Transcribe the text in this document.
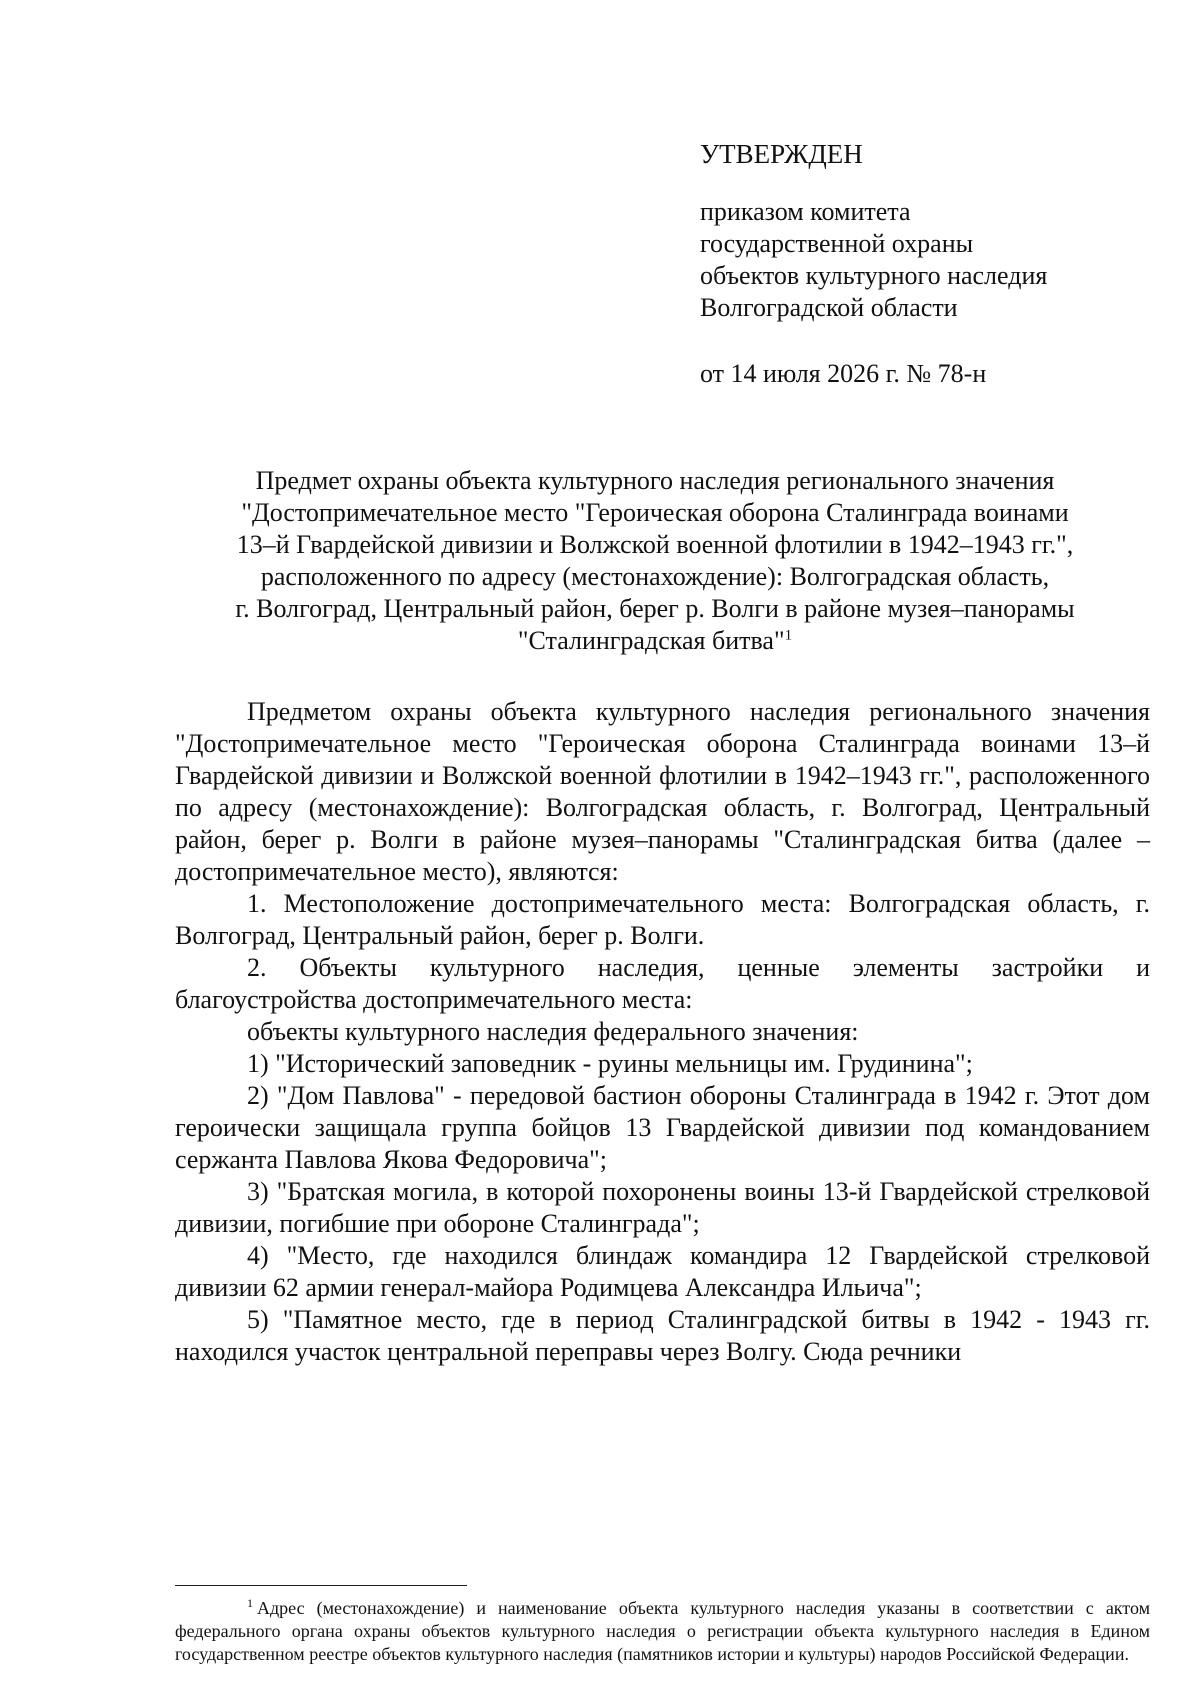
УТВЕРЖДЕН

приказом комитета

государственной охраны

объектов культурного наследия

Волгоградской области

от 14 июля 2026 г. № 78-н

Предмет охраны объекта культурного наследия регионального значения

"Достопримечательное место "Героическая оборона Сталинграда воинами

13–й Гвардейской дивизии и Волжской военной флотилии в 1942–1943 гг.",

расположенного по адресу (местонахождение): Волгоградская область,

г. Волгоград, Центральный район, берег р. Волги в районе музея–панорамы

"Сталинградская битва"$^1$

Предметом охраны объекта культурного наследия регионального значения "Достопримечательное место "Героическая оборона Сталинграда воинами 13–й Гвардейской дивизии и Волжской военной флотилии в 1942–1943 гг.", расположенного по адресу (местонахождение): Волгоградская область, г. Волгоград, Центральный район, берег р. Волги в районе музея–панорамы "Сталинградская битва (далее – достопримечательное место), являются:

1. Местоположение достопримечательного места: Волгоградская область, г. Волгоград, Центральный район, берег р. Волги.

2. Объекты культурного наследия, ценные элементы застройки и благоустройства достопримечательного места:

объекты культурного наследия федерального значения:

1) "Исторический заповедник - руины мельницы им. Грудинина";

2) "Дом Павлова" - передовой бастион обороны Сталинграда в 1942 г. Этот дом героически защищала группа бойцов 13 Гвардейской дивизии под командованием сержанта Павлова Якова Федоровича";

3) "Братская могила, в которой похоронены воины 13-й Гвардейской стрелковой дивизии, погибшие при обороне Сталинграда";

4) "Место, где находился блиндаж командира 12 Гвардейской стрелковой дивизии 62 армии генерал-майора Родимцева Александра Ильича";

5) "Памятное место, где в период Сталинградской битвы в 1942 - 1943 гг. находился участок центральной переправы через Волгу. Сюда речники

$^1$ Адрес (местонахождение) и наименование объекта культурного наследия указаны в соответствии с актом федерального органа охраны объектов культурного наследия о регистрации объекта культурного наследия в Едином государственном реестре объектов культурного наследия (памятников истории и культуры) народов Российской Федерации.
